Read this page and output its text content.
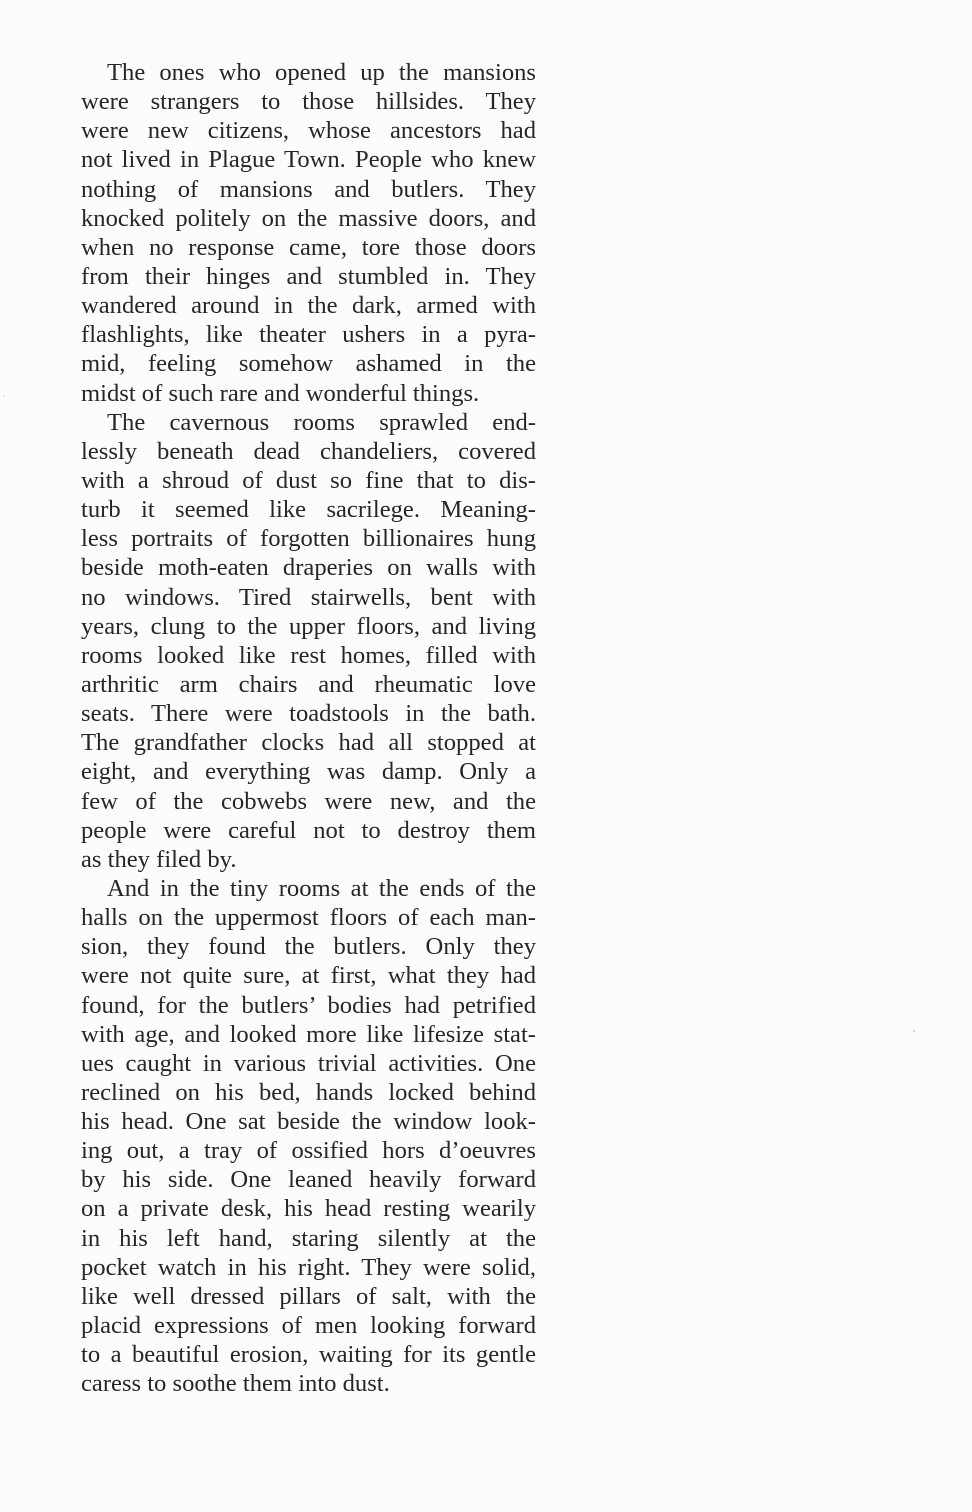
The ones who opened up the mansions
were strangers to those hillsides. They
were new citizens, whose ancestors had
not lived in Plague Town. People who knew
nothing of mansions and butlers. They
knocked politely on the massive doors, and
when no response came, tore those doors
from their hinges and stumbled in. They
wandered around in the dark, armed with
flashlights, like theater ushers in a pyra-
mid, feeling somehow ashamed in the
midst of such rare and wonderful things.
The cavernous rooms sprawled end-
lessly beneath dead chandeliers, covered
with a shroud of dust so fine that to dis-
turb it seemed like sacrilege. Meaning-
less portraits of forgotten billionaires hung
beside moth-eaten draperies on walls with
no windows. Tired stairwells, bent with
years, clung to the upper floors, and living
rooms looked like rest homes, filled with
arthritic arm chairs and rheumatic love
seats. There were toadstools in the bath.
The grandfather clocks had all stopped at
eight, and everything was damp. Only a
few of the cobwebs were new, and the
people were careful not to destroy them
as they filed by.
And in the tiny rooms at the ends of the
halls on the uppermost floors of each man-
sion, they found the butlers. Only they
were not quite sure, at first, what they had
found, for the butlers’ bodies had petrified
with age, and looked more like lifesize stat-
ues caught in various trivial activities. One
reclined on his bed, hands locked behind
his head. One sat beside the window look-
ing out, a tray of ossified hors d’oeuvres
by his side. One leaned heavily forward
on a private desk, his head resting wearily
in his left hand, staring silently at the
pocket watch in his right. They were solid,
like well dressed pillars of salt, with the
placid expressions of men looking forward
to a beautiful erosion, waiting for its gentle
caress to soothe them into dust.
